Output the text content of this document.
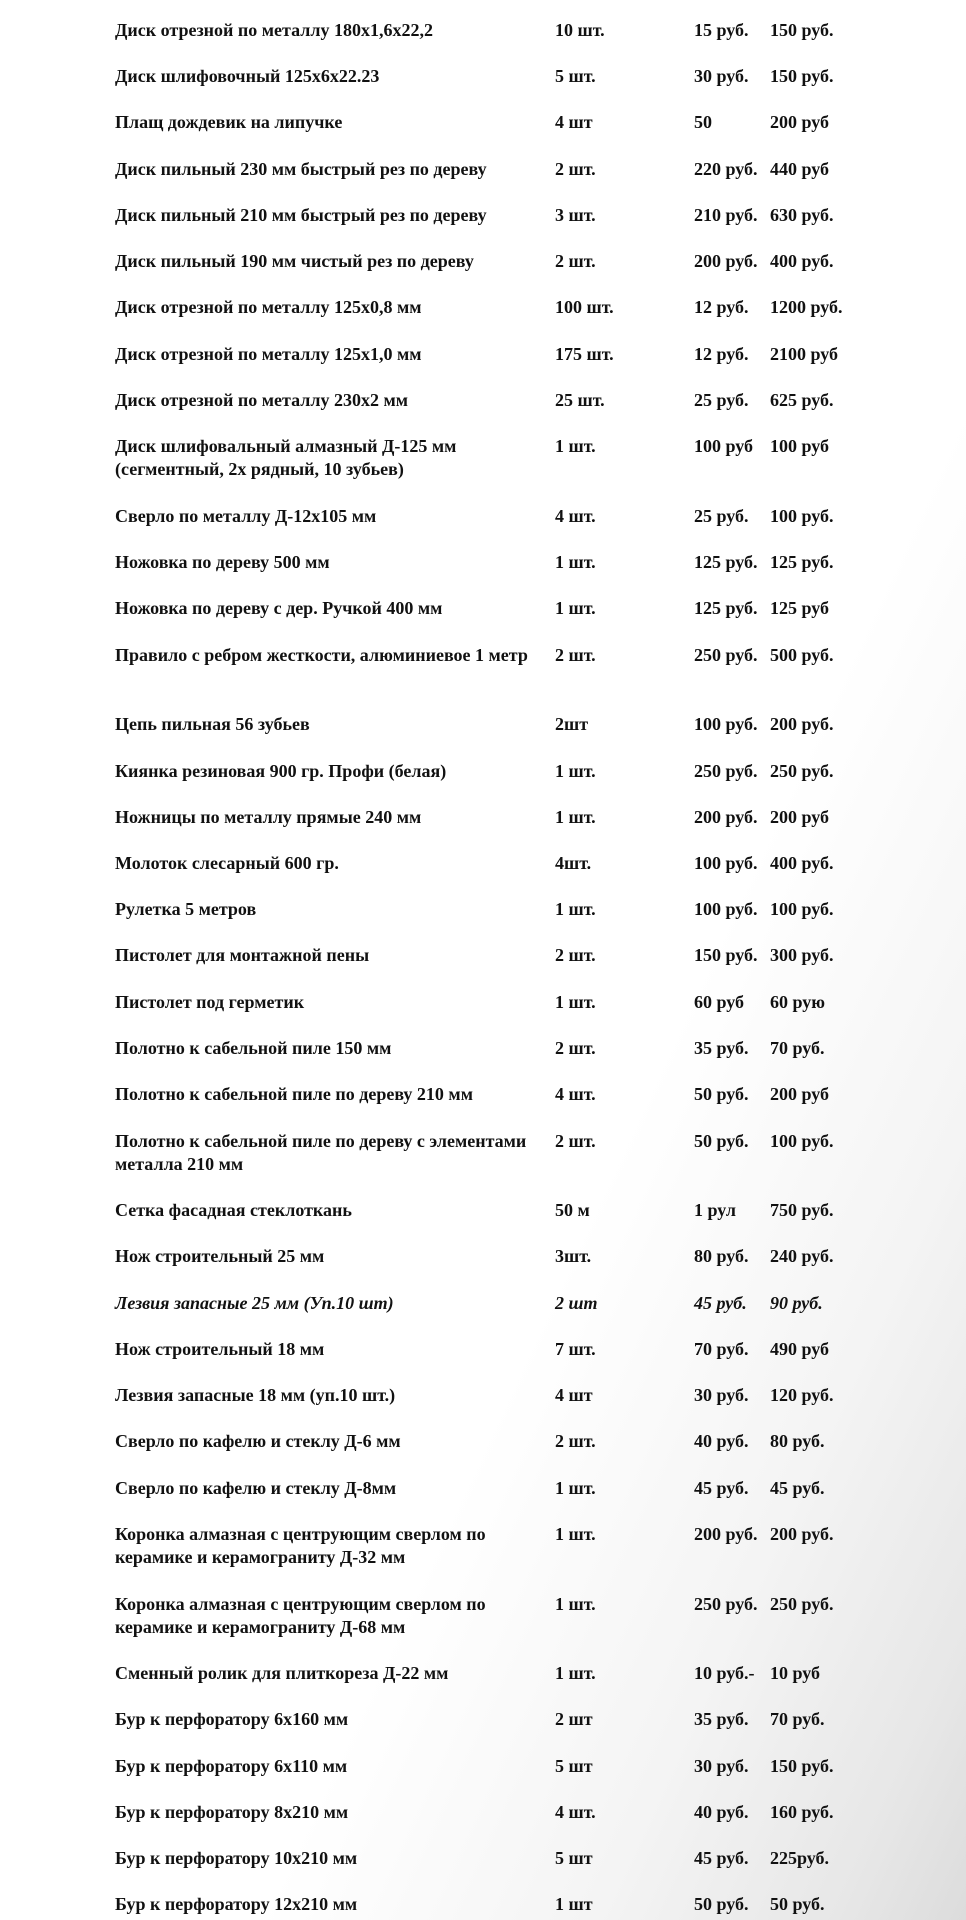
Диск отрезной по металлу 180х1,6х22,2	10 шт.	15 руб. 150 руб.
Диск шлифовочный 125х6х22.23	5 шт.	30 руб. 150 руб.
Плащ дождевик на липучке	4 шт	50	200 руб
Диск пильный 230 мм быстрый рез по дереву	2 шт.	220 руб. 440 руб
Диск пильный 210 мм быстрый рез по дереву	3 шт.	210 руб. 630 руб.
Диск пильный 190 мм чистый рез по дереву	2 шт.	200 руб. 400 руб.
Диск отрезной по металлу 125х0,8 мм	100 шт.	12 руб. 1200 руб.
Диск отрезной по металлу 125х1,0 мм	175 шт.	12 руб. 2100 руб
Диск отрезной по металлу 230х2 мм	25 шт.	25 руб. 625 руб.
Диск шлифовальный алмазный Д-125 мм (сегментный, 2х рядный, 10 зубьев)
1 шт.	100 руб 100 руб
Сверло по металлу Д-12х105 мм	4 шт.	25 руб. 100 руб.
Ножовка по дереву 500 мм	1 шт.	125 руб. 125 руб.
Ножовка по дереву с дер. Ручкой 400 мм	1 шт.	125 руб. 125 руб
Правило с ребром жесткости, алюминиевое 1 метр	2 шт.	250 руб. 500 руб.
Цепь пильная 56 зубьев	2шт	100 руб. 200 руб.
Киянка резиновая 900 гр. Профи (белая)	1 шт.	250 руб. 250 руб.
Ножницы по металлу прямые 240 мм	1 шт.	200 руб. 200 руб
Молоток слесарный 600 гр.	4шт.	100 руб. 400 руб.
Рулетка 5 метров	1 шт.	100 руб. 100 руб.
Пистолет для монтажной пены	2 шт.	150 руб. 300 руб.
Пистолет под герметик	1 шт.	60 руб 60 рую
Полотно к сабельной пиле 150 мм	2 шт.	35 руб. 70 руб.
Полотно к сабельной пиле по дереву 210 мм	4 шт.	50 руб. 200 руб
Полотно к сабельной пиле по дереву с элементами металла 210 мм
2 шт.	50 руб. 100 руб.
Сетка фасадная стеклоткань	50 м	1 рул 750 руб.
Нож строительный 25 мм	3шт.	80 руб. 240 руб.
Лезвия запасные 25 мм (Уп.10 шт)	2 шт	45 руб. 90 руб.
Нож строительный 18 мм	7 шт.	70 руб. 490 руб
Лезвия запасные 18 мм (уп.10 шт.)	4 шт	30 руб. 120 руб.
Сверло по кафелю и стеклу Д-6 мм	2 шт.	40 руб. 80 руб.
Сверло по кафелю и стеклу Д-8мм	1 шт.	45 руб. 45 руб.
Коронка алмазная с центрующим сверлом по керамике и керамограниту Д-32 мм
1 шт.	200 руб. 200 руб.
Коронка алмазная с центрующим сверлом по керамике и керамограниту Д-68 мм
1 шт.	250 руб. 250 руб.
Сменный ролик для плиткореза Д-22 мм	1 шт.	10 руб.- 10 руб
Бур к перфоратору 6х160 мм	2 шт	35 руб. 70 руб.
Бур к перфоратору 6х110 мм	5 шт	30 руб. 150 руб.
Бур к перфоратору 8х210 мм	4 шт.	40 руб. 160 руб.
Бур к перфоратору 10х210 мм	5 шт	45 руб. 225руб.
Бур к перфоратору 12х210 мм	1 шт	50 руб. 50 руб.
